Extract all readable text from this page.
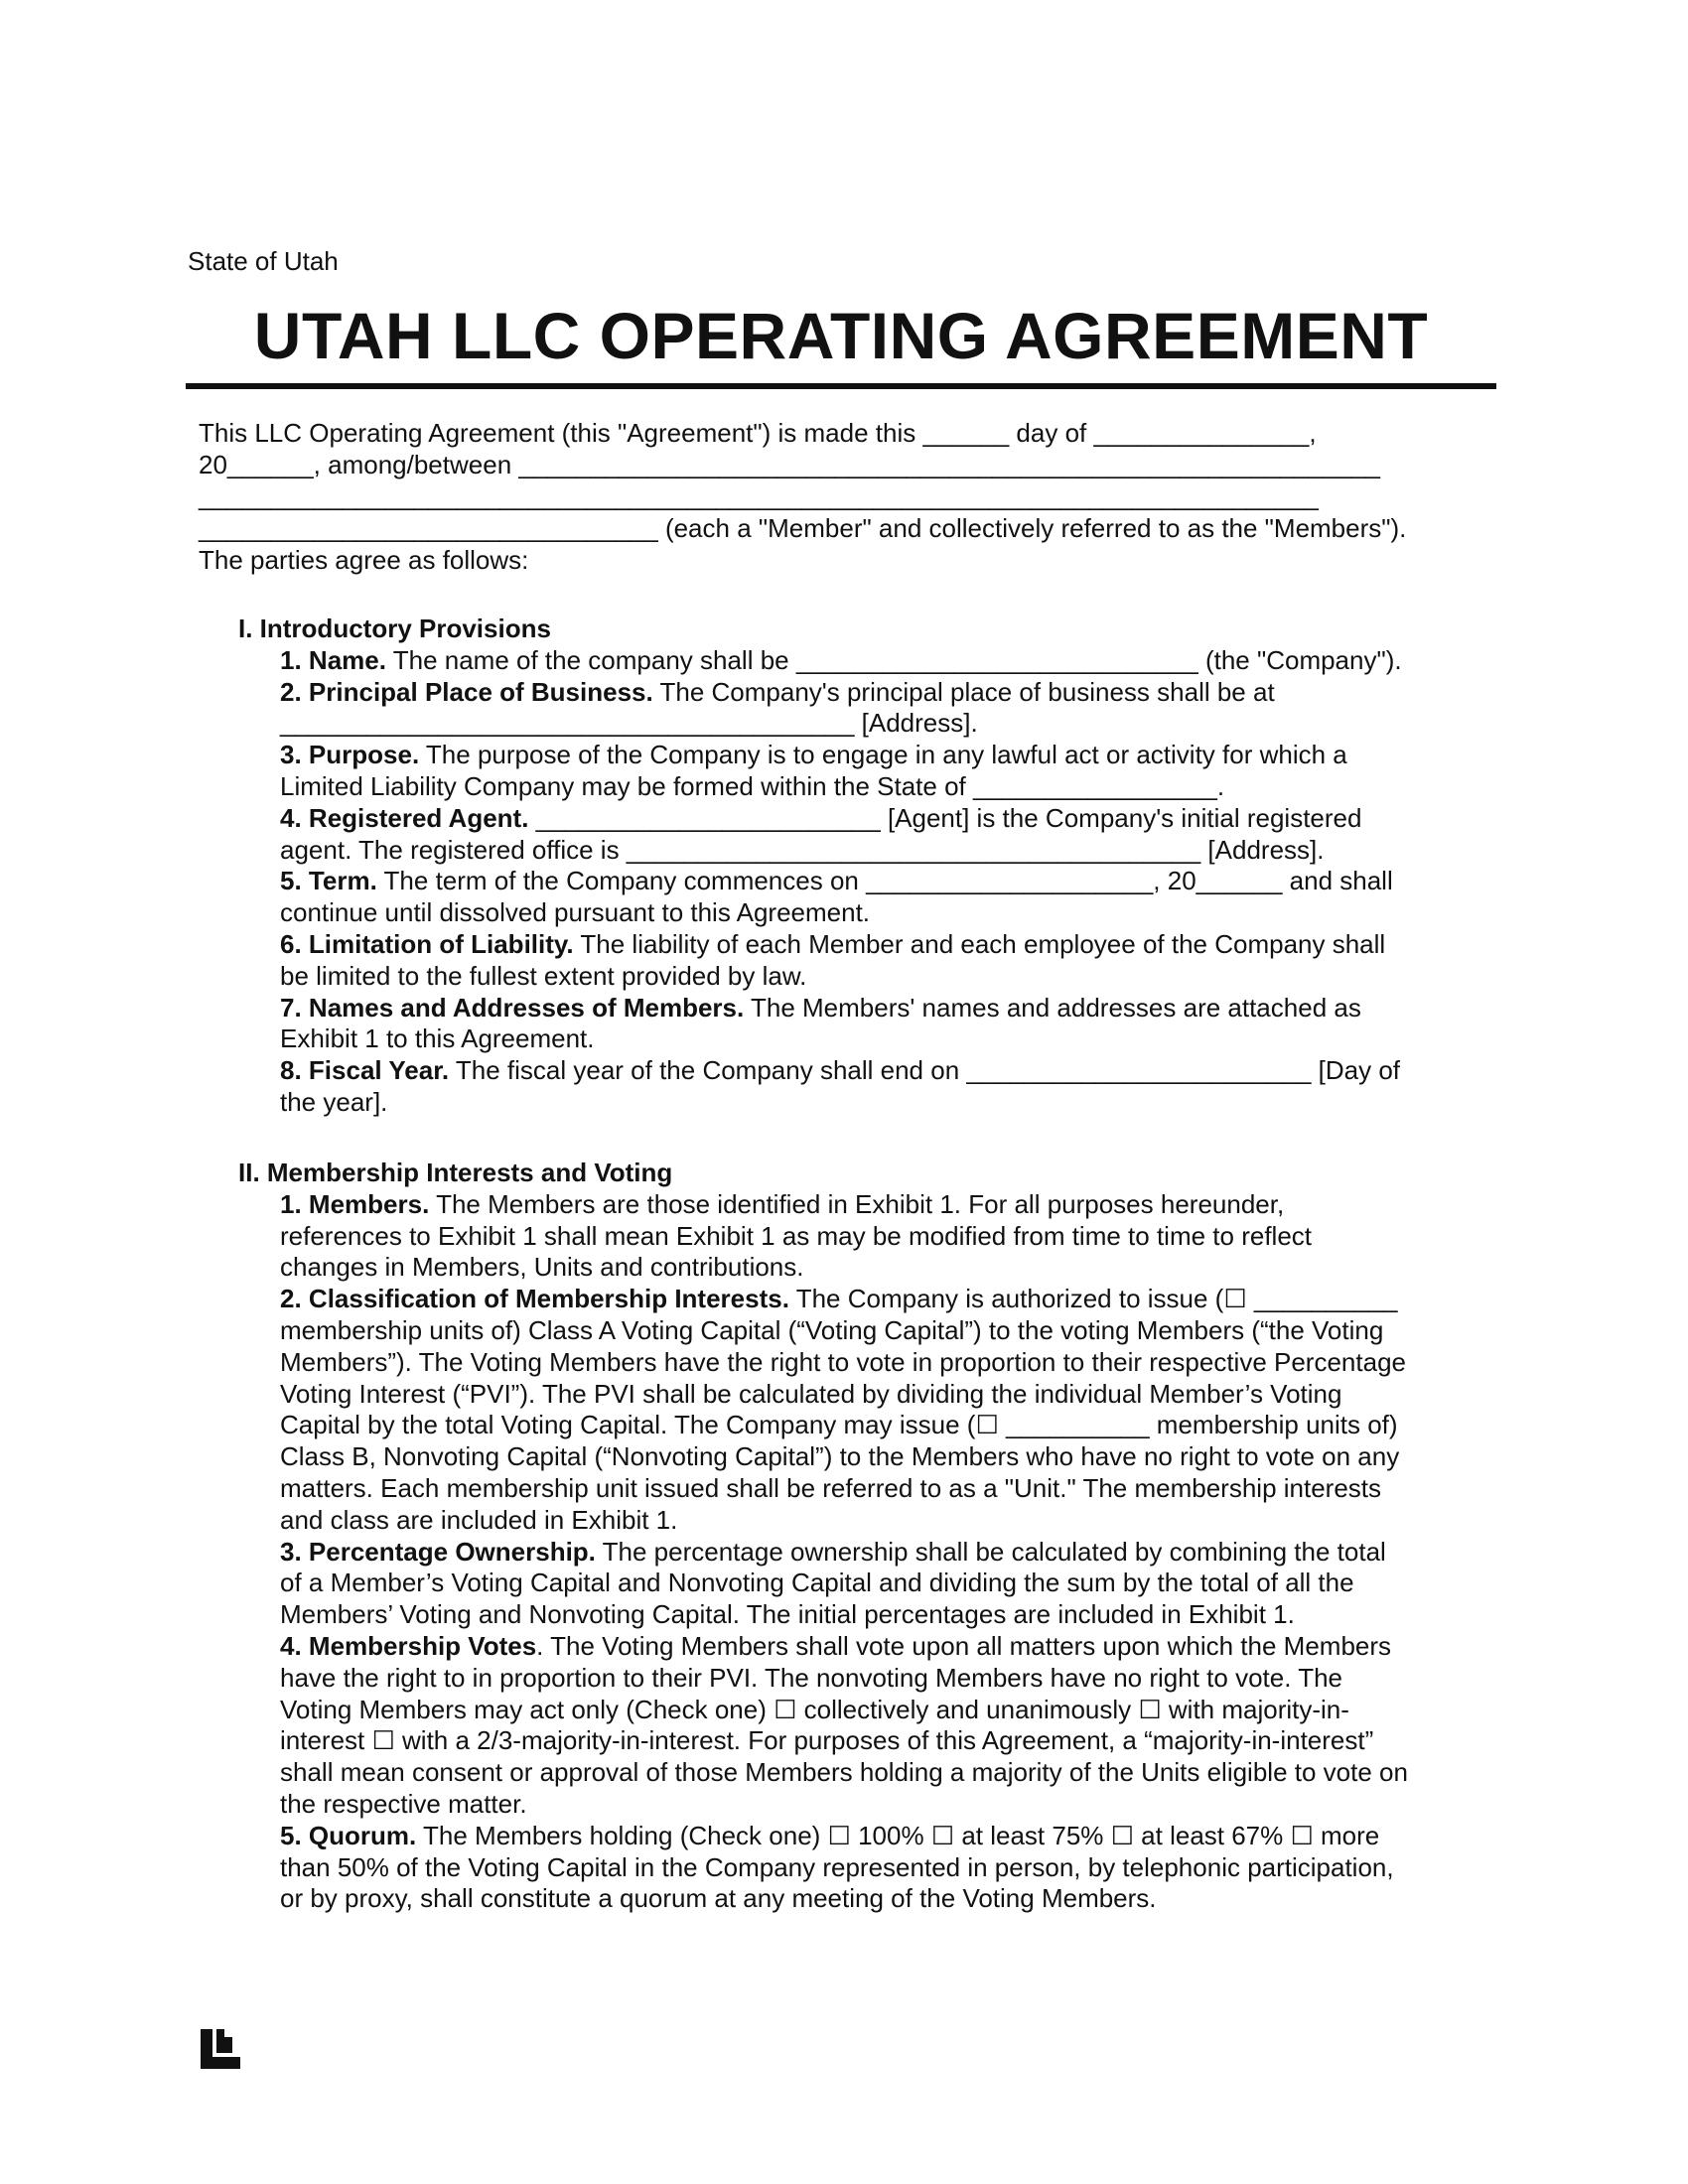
State of Utah
UTAH LLC OPERATING AGREEMENT

This LLC Operating Agreement (this "Agreement") is made this ______ day of _______________,

20______, among/between ____________________________________________________________

______________________________________________________________________________

________________________________ (each a "Member" and collectively referred to as the "Members").

The parties agree as follows:

I. Introductory Provisions

1. Name. The name of the company shall be ____________________________ (the "Company").

2. Principal Place of Business. The Company's principal place of business shall be at

________________________________________ [Address].

3. Purpose. The purpose of the Company is to engage in any lawful act or activity for which a

Limited Liability Company may be formed within the State of _________________.

4. Registered Agent. ________________________ [Agent] is the Company's initial registered

agent. The registered office is ________________________________________ [Address].

5. Term. The term of the Company commences on ____________________, 20______ and shall

continue until dissolved pursuant to this Agreement.

6. Limitation of Liability. The liability of each Member and each employee of the Company shall

be limited to the fullest extent provided by law.

7. Names and Addresses of Members. The Members' names and addresses are attached as

Exhibit 1 to this Agreement.

8. Fiscal Year. The fiscal year of the Company shall end on ________________________ [Day of

the year].

II. Membership Interests and Voting

1. Members. The Members are those identified in Exhibit 1. For all purposes hereunder,

references to Exhibit 1 shall mean Exhibit 1 as may be modified from time to time to reflect

changes in Members, Units and contributions.

2. Classification of Membership Interests. The Company is authorized to issue (☐ __________

membership units of) Class A Voting Capital (“Voting Capital”) to the voting Members (“the Voting

Members”). The Voting Members have the right to vote in proportion to their respective Percentage

Voting Interest (“PVI”). The PVI shall be calculated by dividing the individual Member’s Voting

Capital by the total Voting Capital. The Company may issue (☐ __________ membership units of)

Class B, Nonvoting Capital (“Nonvoting Capital”) to the Members who have no right to vote on any

matters. Each membership unit issued shall be referred to as a "Unit." The membership interests

and class are included in Exhibit 1.

3. Percentage Ownership. The percentage ownership shall be calculated by combining the total

of a Member’s Voting Capital and Nonvoting Capital and dividing the sum by the total of all the

Members’ Voting and Nonvoting Capital. The initial percentages are included in Exhibit 1.

4. Membership Votes. The Voting Members shall vote upon all matters upon which the Members

have the right to in proportion to their PVI. The nonvoting Members have no right to vote. The

Voting Members may act only (Check one) ☐ collectively and unanimously ☐ with majority-in-

interest ☐ with a 2/3-majority-in-interest. For purposes of this Agreement, a “majority-in-interest”

shall mean consent or approval of those Members holding a majority of the Units eligible to vote on

the respective matter.

5. Quorum. The Members holding (Check one) ☐ 100% ☐ at least 75% ☐ at least 67% ☐ more

than 50% of the Voting Capital in the Company represented in person, by telephonic participation,

or by proxy, shall constitute a quorum at any meeting of the Voting Members.
